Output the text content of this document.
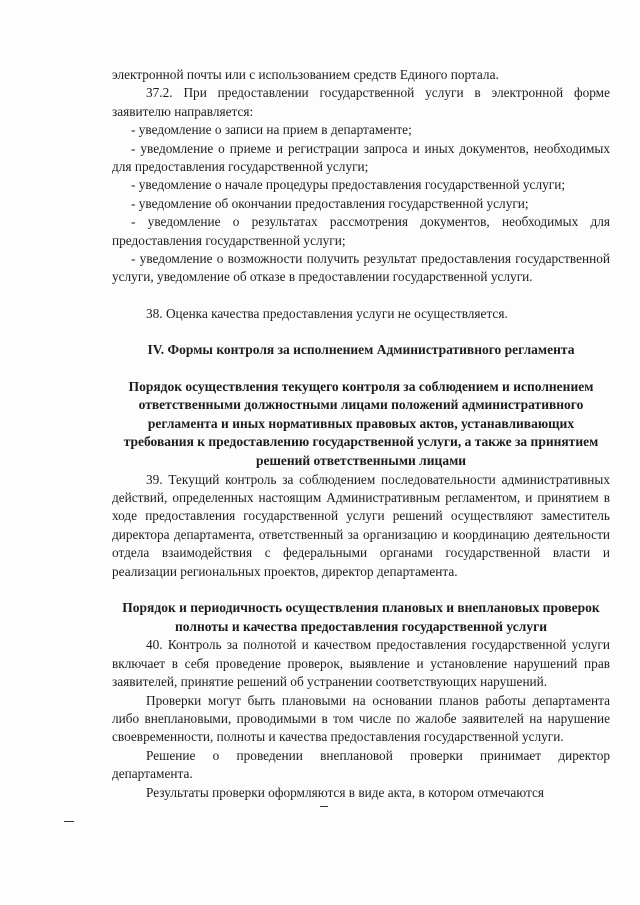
электронной почты или с использованием средств Единого портала.

37.2. При предоставлении государственной услуги в электронной форме заявителю направляется:

- уведомление о записи на прием в департаменте;

- уведомление о приеме и регистрации запроса и иных документов, необходимых для предоставления государственной услуги;

- уведомление о начале процедуры предоставления государственной услуги;

- уведомление об окончании предоставления государственной услуги;

- уведомление о результатах рассмотрения документов, необходимых для предоставления государственной услуги;

- уведомление о возможности получить результат предоставления государственной услуги, уведомление об отказе в предоставлении государственной услуги.

38. Оценка качества предоставления услуги не осуществляется.

IV. Формы контроля за исполнением Административного регламента

Порядок осуществления текущего контроля за соблюдением и исполнением ответственными должностными лицами положений административного регламента и иных нормативных правовых актов, устанавливающих требования к предоставлению государственной услуги, а также за принятием решений ответственными лицами

39. Текущий контроль за соблюдением последовательности административных действий, определенных настоящим Административным регламентом, и принятием в ходе предоставления государственной услуги решений осуществляют заместитель директора департамента, ответственный за организацию и координацию деятельности отдела взаимодействия с федеральными органами государственной власти и реализации региональных проектов, директор департамента.

Порядок и периодичность осуществления плановых и внеплановых проверок полноты и качества предоставления государственной услуги

40. Контроль за полнотой и качеством предоставления государственной услуги включает в себя проведение проверок, выявление и установление нарушений прав заявителей, принятие решений об устранении соответствующих нарушений.

Проверки могут быть плановыми на основании планов работы департамента либо внеплановыми, проводимыми в том числе по жалобе заявителей на нарушение своевременности, полноты и качества предоставления государственной услуги.

Решение о проведении внеплановой проверки принимает директор департамента.

Результаты проверки оформляются в виде акта, в котором отмечаются
